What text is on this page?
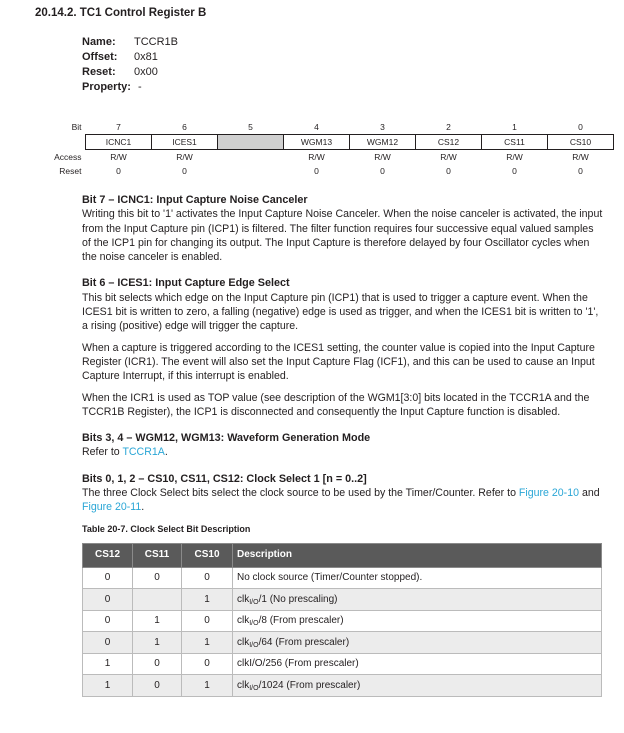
20.14.2. TC1 Control Register B
Name:	TCCR1B
Offset:	0x81
Reset:	0x00
Property: -
Bit	7	6	5	4	3	2	1	0
	ICNC1	ICES1		WGM13	WGM12	CS12	CS11	CS10
Access	R/W	R/W		R/W	R/W	R/W	R/W	R/W
Reset	0	0		0	0	0	0	0
Bit 7 – ICNC1: Input Capture Noise Canceler

Writing this bit to '1' activates the Input Capture Noise Canceler. When the noise canceler is activated, the input from the Input Capture pin (ICP1) is filtered. The filter function requires four successive equal valued samples of the ICP1 pin for changing its output. The Input Capture is therefore delayed by four Oscillator cycles when the noise canceler is enabled.

Bit 6 – ICES1: Input Capture Edge Select

This bit selects which edge on the Input Capture pin (ICP1) that is used to trigger a capture event. When the ICES1 bit is written to zero, a falling (negative) edge is used as trigger, and when the ICES1 bit is written to '1', a rising (positive) edge will trigger the capture.

When a capture is triggered according to the ICES1 setting, the counter value is copied into the Input Capture Register (ICR1). The event will also set the Input Capture Flag (ICF1), and this can be used to cause an Input Capture Interrupt, if this interrupt is enabled.

When the ICR1 is used as TOP value (see description of the WGM1[3:0] bits located in the TCCR1A and the TCCR1B Register), the ICP1 is disconnected and consequently the Input Capture function is disabled.

Bits 3, 4 – WGM12, WGM13: Waveform Generation Mode

Refer to TCCR1A.

Bits 0, 1, 2 – CS10, CS11, CS12: Clock Select 1 [n = 0..2]

The three Clock Select bits select the clock source to be used by the Timer/Counter. Refer to Figure 20-10 and Figure 20-11.

Table 20-7. Clock Select Bit Description
CS12	CS11	CS10	Description
0	0	0	No clock source (Timer/Counter stopped).
0		1	clk$_{I/O}$/1 (No prescaling)
0	1	0	clk$_{I/O}$/8 (From prescaler)
0	1	1	clk$_{I/O}$/64 (From prescaler)
1	0	0	clkI/O/256 (From prescaler)
1	0	1	clk$_{I/O}$/1024 (From prescaler)
